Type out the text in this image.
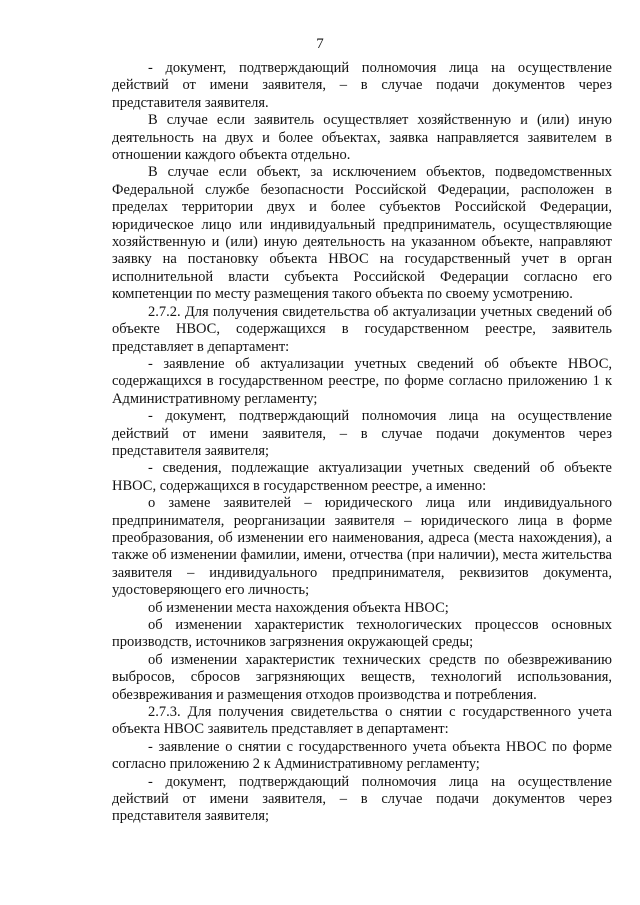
7

- документ, подтверждающий полномочия лица на осуществление действий от имени заявителя, – в случае подачи документов через представителя заявителя.

В случае если заявитель осуществляет хозяйственную и (или) иную деятельность на двух и более объектах, заявка направляется заявителем в отношении каждого объекта отдельно.

В случае если объект, за исключением объектов, подведомственных Федеральной службе безопасности Российской Федерации, расположен в пределах территории двух и более субъектов Российской Федерации, юридическое лицо или индивидуальный предприниматель, осуществляющие хозяйственную и (или) иную деятельность на указанном объекте, направляют заявку на постановку объекта НВОС на государственный учет в орган исполнительной власти субъекта Российской Федерации согласно его компетенции по месту размещения такого объекта по своему усмотрению.

2.7.2. Для получения свидетельства об актуализации учетных сведений об объекте НВОС, содержащихся в государственном реестре, заявитель представляет в департамент:

- заявление об актуализации учетных сведений об объекте НВОС, содержащихся в государственном реестре, по форме согласно приложению 1 к Административному регламенту;

- документ, подтверждающий полномочия лица на осуществление действий от имени заявителя, – в случае подачи документов через представителя заявителя;

- сведения, подлежащие актуализации учетных сведений об объекте НВОС, содержащихся в государственном реестре, а именно:

о замене заявителей – юридического лица или индивидуального предпринимателя, реорганизации заявителя – юридического лица в форме преобразования, об изменении его наименования, адреса (места нахождения), а также об изменении фамилии, имени, отчества (при наличии), места жительства заявителя – индивидуального предпринимателя, реквизитов документа, удостоверяющего его личность;

об изменении места нахождения объекта НВОС;

об изменении характеристик технологических процессов основных производств, источников загрязнения окружающей среды;

об изменении характеристик технических средств по обезвреживанию выбросов, сбросов загрязняющих веществ, технологий использования, обезвреживания и размещения отходов производства и потребления.

2.7.3. Для получения свидетельства о снятии с государственного учета объекта НВОС заявитель представляет в департамент:

- заявление о снятии с государственного учета объекта НВОС по форме согласно приложению 2 к Административному регламенту;

- документ, подтверждающий полномочия лица на осуществление действий от имени заявителя, – в случае подачи документов через представителя заявителя;
